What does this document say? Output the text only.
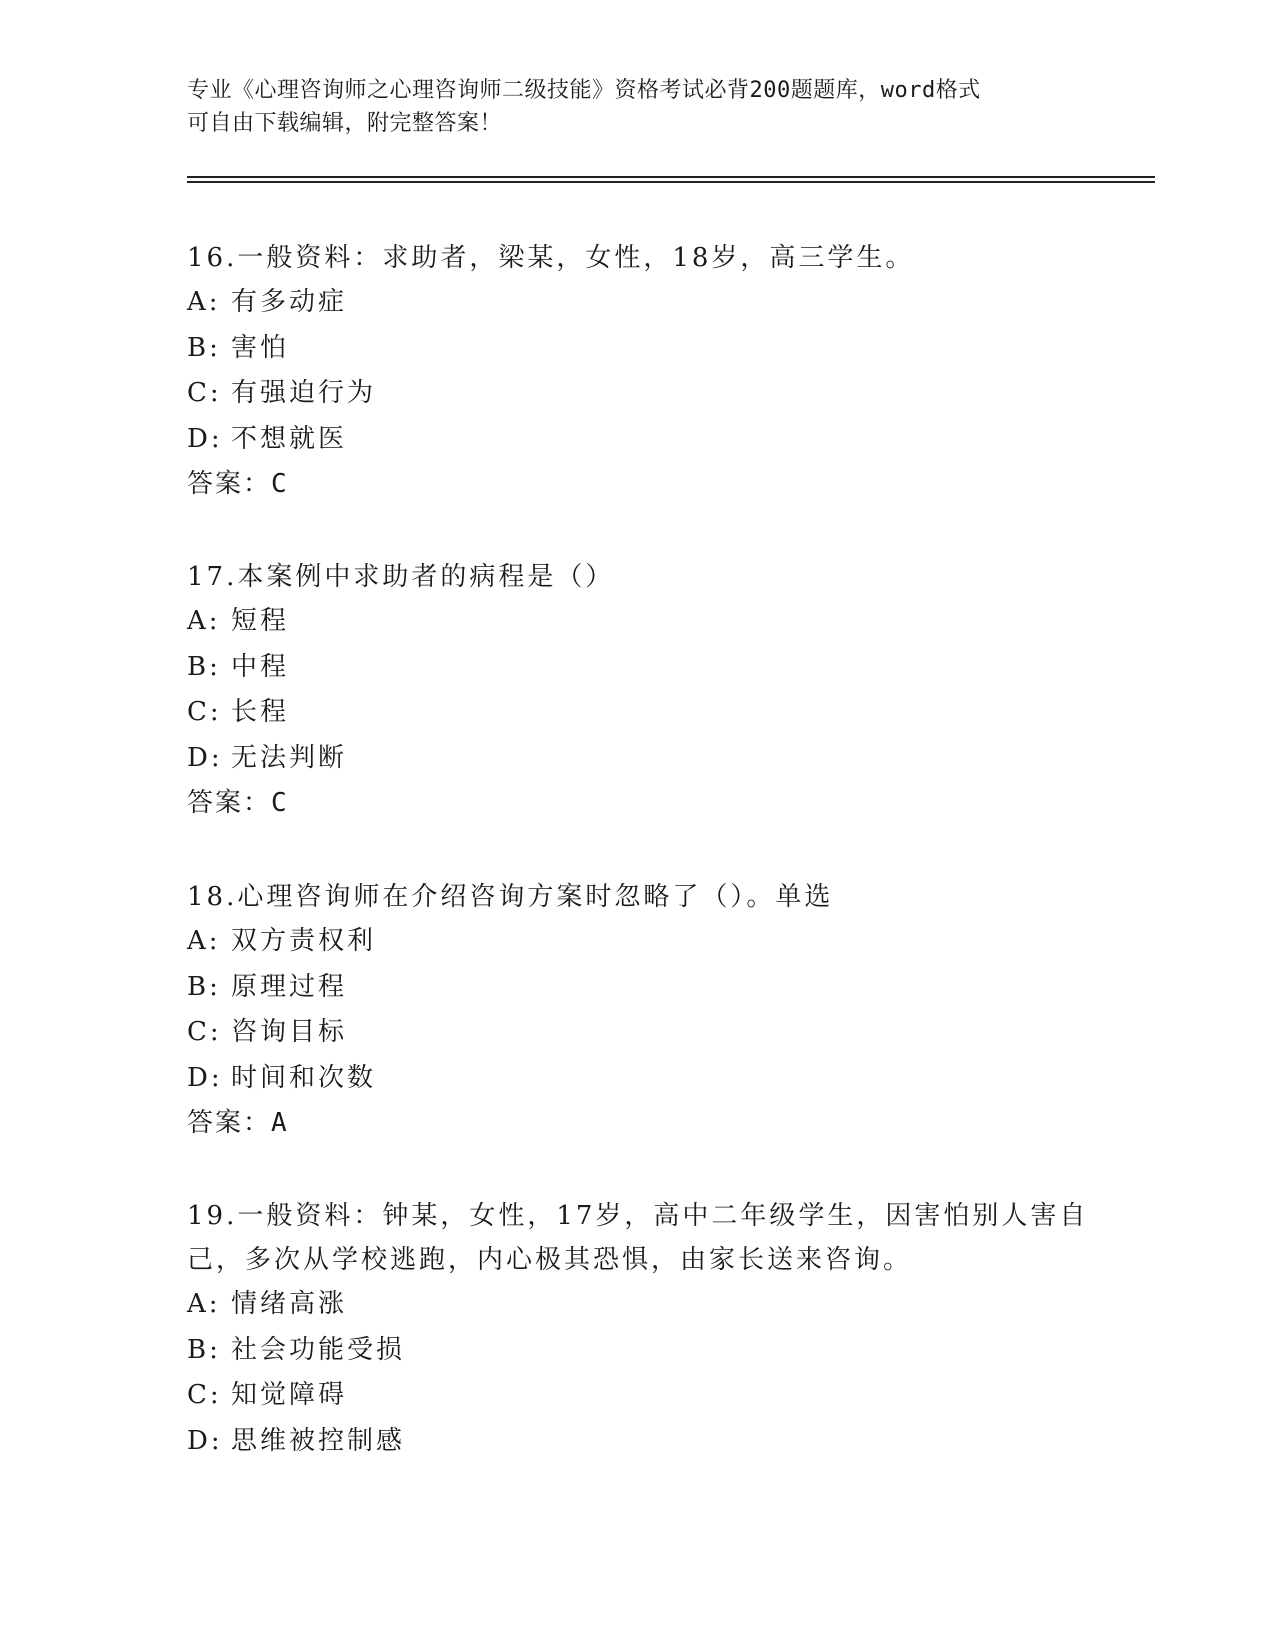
专业《心理咨询师之心理咨询师二级技能》资格考试必背200题题库，word格式
可自由下载编辑，附完整答案！
16.一般资料：求助者，梁某，女性，18岁，高三学生。
A: 有多动症
B: 害怕
C: 有强迫行为
D: 不想就医
答案：C
17.本案例中求助者的病程是（）
A: 短程
B: 中程
C: 长程
D: 无法判断
答案：C
18.心理咨询师在介绍咨询方案时忽略了（）。单选
A: 双方责权利
B: 原理过程
C: 咨询目标
D: 时间和次数
答案：A
19.一般资料：钟某，女性，17岁，高中二年级学生，因害怕别人害自
己，多次从学校逃跑，内心极其恐惧，由家长送来咨询。
A: 情绪高涨
B: 社会功能受损
C: 知觉障碍
D: 思维被控制感
